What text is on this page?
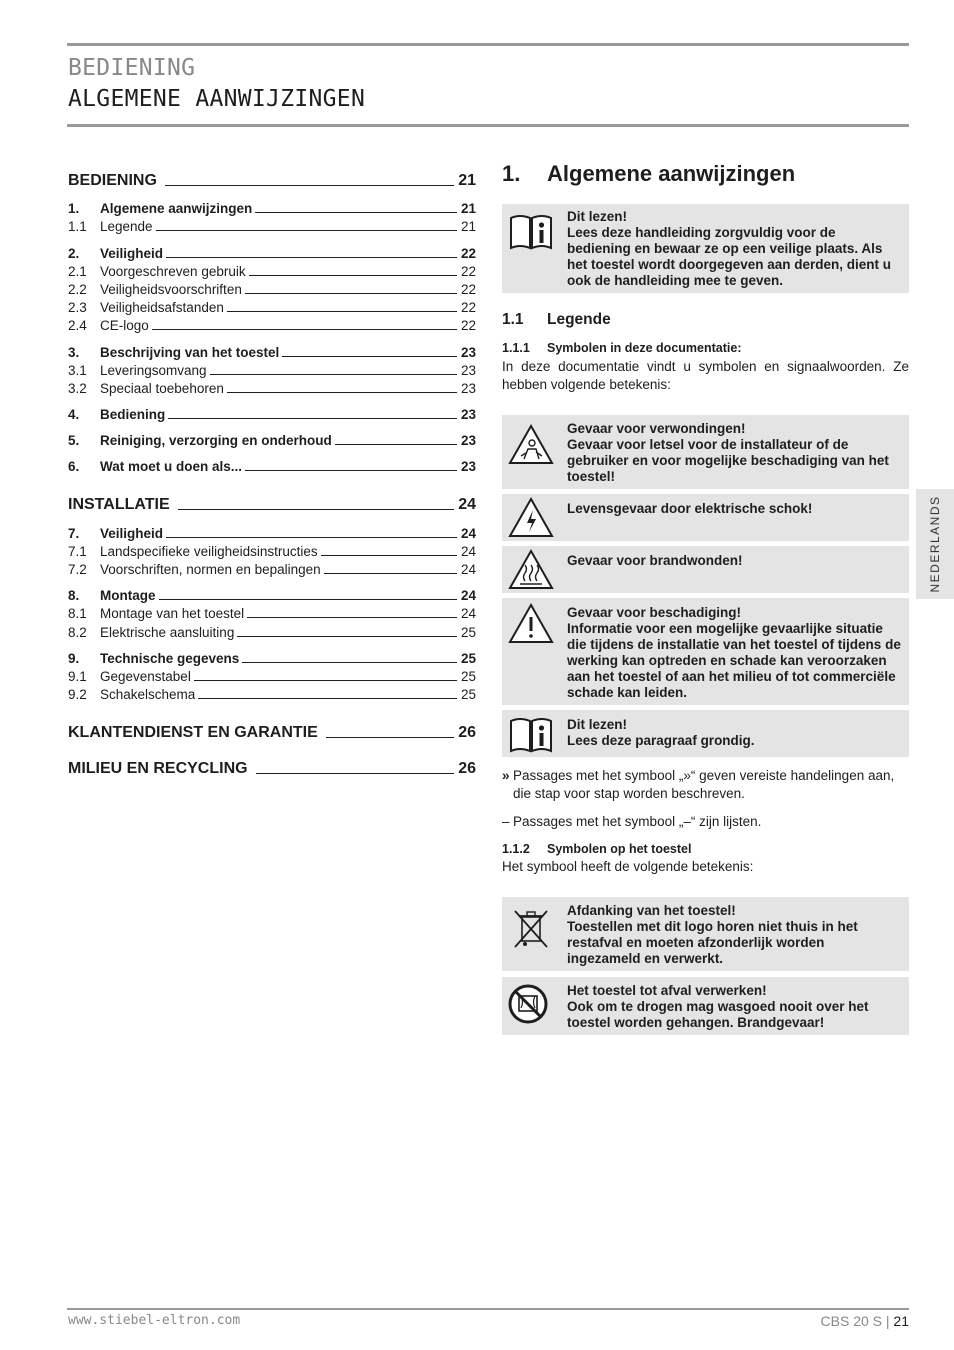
BEDIENING
ALGEMENE AANWIJZINGEN
BEDIENING	21
1.	Algemene aanwijzingen	21
1.1 Legende	21
2.	Veiligheid	22
2.1 Voorgeschreven gebruik	22
2.2 Veiligheidsvoorschriften	22
2.3 Veiligheidsafstanden	22
2.4 CE-logo	22
3.	Beschrijving van het toestel	23
3.1 Leveringsomvang	23
3.2 Speciaal toebehoren	23
4.	Bediening	23
5.	Reiniging, verzorging en onderhoud	23
6.	Wat moet u doen als...	23
INSTALLATIE	24
7.	Veiligheid	24
7.1 Landspecifieke veiligheidsinstructies	24
7.2 Voorschriften, normen en bepalingen	24
8.	Montage	24
8.1 Montage van het toestel	24
8.2 Elektrische aansluiting	25
9.	Technische gegevens	25
9.1 Gegevenstabel	25
9.2 Schakelschema	25
KLANTENDIENST EN GARANTIE	26
MILIEU EN RECYCLING	26
1. Algemene aanwijzingen
Dit lezen!
Lees deze handleiding zorgvuldig voor de bediening en bewaar ze op een veilige plaats. Als het toestel wordt doorgegeven aan derden, dient u ook de handleiding mee te geven.
1.1 Legende
1.1.1 Symbolen in deze documentatie:
In deze documentatie vindt u symbolen en signaalwoorden. Ze hebben volgende betekenis:
Gevaar voor verwondingen!
Gevaar voor letsel voor de installateur of de gebruiker en voor mogelijke beschadiging van het toestel!
Levensgevaar door elektrische schok!
Gevaar voor brandwonden!
Gevaar voor beschadiging!
Informatie voor een mogelijke gevaarlijke situatie die tijdens de installatie van het toestel of tijdens de werking kan optreden en schade kan veroorzaken aan het toestel of aan het milieu of tot commerciële schade kan leiden.
Dit lezen!
Lees deze paragraaf grondig.
» Passages met het symbool „»“ geven vereiste handelingen aan, die stap voor stap worden beschreven.
– Passages met het symbool „–“ zijn lijsten.
1.1.2 Symbolen op het toestel
Het symbool heeft de volgende betekenis:
Afdanking van het toestel!
Toestellen met dit logo horen niet thuis in het restafval en moeten afzonderlijk worden ingezameld en verwerkt.
Het toestel tot afval verwerken!
Ook om te drogen mag wasgoed nooit over het toestel worden gehangen. Brandgevaar!
NEDERLANDS
www.stiebel-eltron.com	CBS 20 S | 21
